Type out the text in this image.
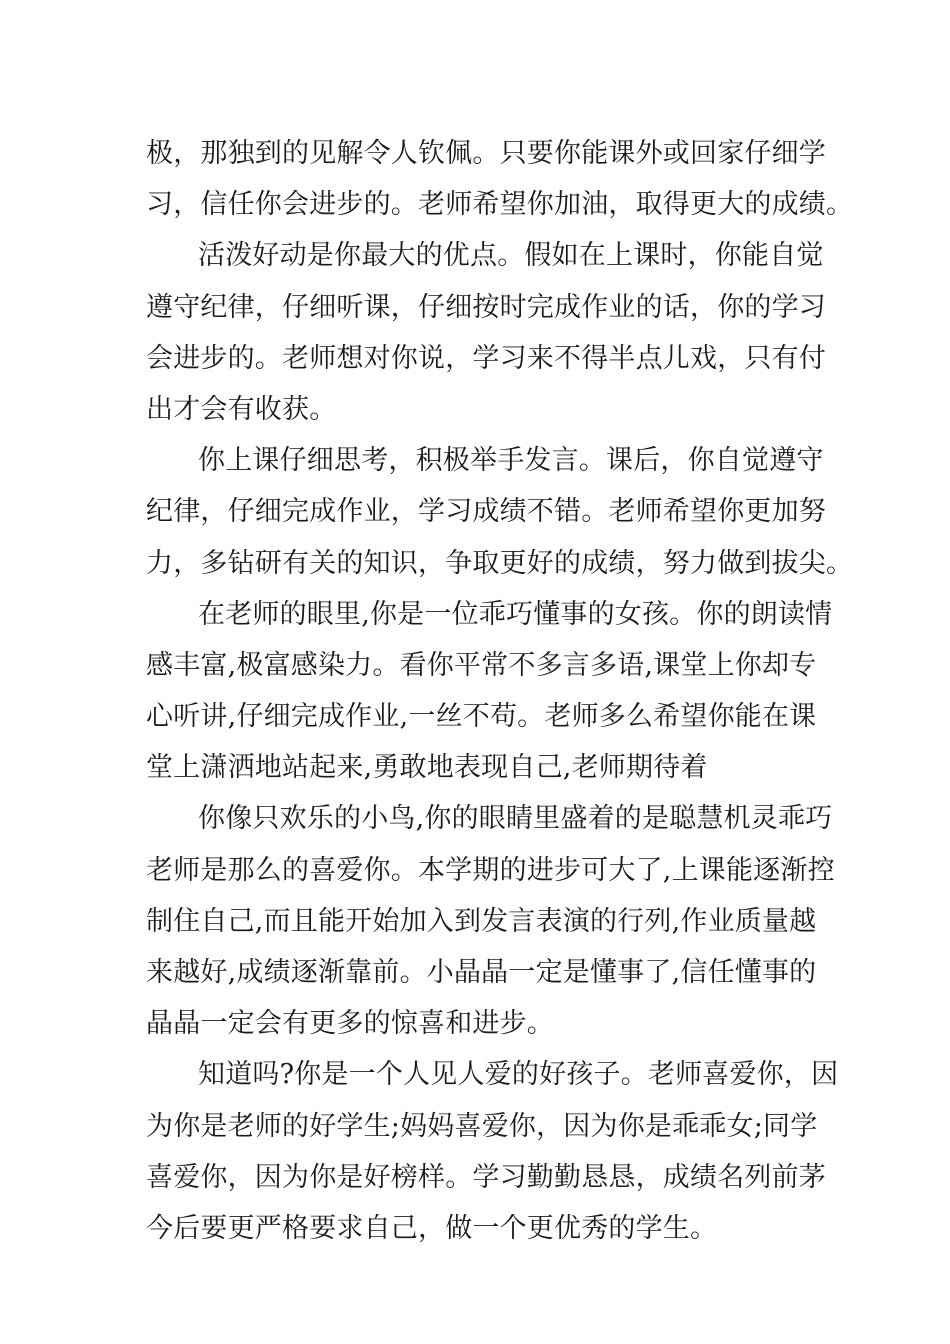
极，那独到的见解令人钦佩。只要你能课外或回家仔细学
习，信任你会进步的。老师希望你加油，取得更大的成绩。
活泼好动是你最大的优点。假如在上课时，你能自觉
遵守纪律，仔细听课，仔细按时完成作业的话，你的学习
会进步的。老师想对你说，学习来不得半点儿戏，只有付
出才会有收获。
你上课仔细思考，积极举手发言。课后，你自觉遵守
纪律，仔细完成作业，学习成绩不错。老师希望你更加努
力，多钻研有关的知识，争取更好的成绩，努力做到拔尖。
在老师的眼里,你是一位乖巧懂事的女孩。你的朗读情
感丰富,极富感染力。看你平常不多言多语,课堂上你却专
心听讲,仔细完成作业,一丝不苟。老师多么希望你能在课
堂上潇洒地站起来,勇敢地表现自己,老师期待着
你像只欢乐的小鸟,你的眼睛里盛着的是聪慧机灵乖巧
老师是那么的喜爱你。本学期的进步可大了,上课能逐渐控
制住自己,而且能开始加入到发言表演的行列,作业质量越
来越好,成绩逐渐靠前。小晶晶一定是懂事了,信任懂事的
晶晶一定会有更多的惊喜和进步。
知道吗?你是一个人见人爱的好孩子。老师喜爱你，因
为你是老师的好学生;妈妈喜爱你，因为你是乖乖女;同学
喜爱你，因为你是好榜样。学习勤勤恳恳，成绩名列前茅
今后要更严格要求自己，做一个更优秀的学生。
